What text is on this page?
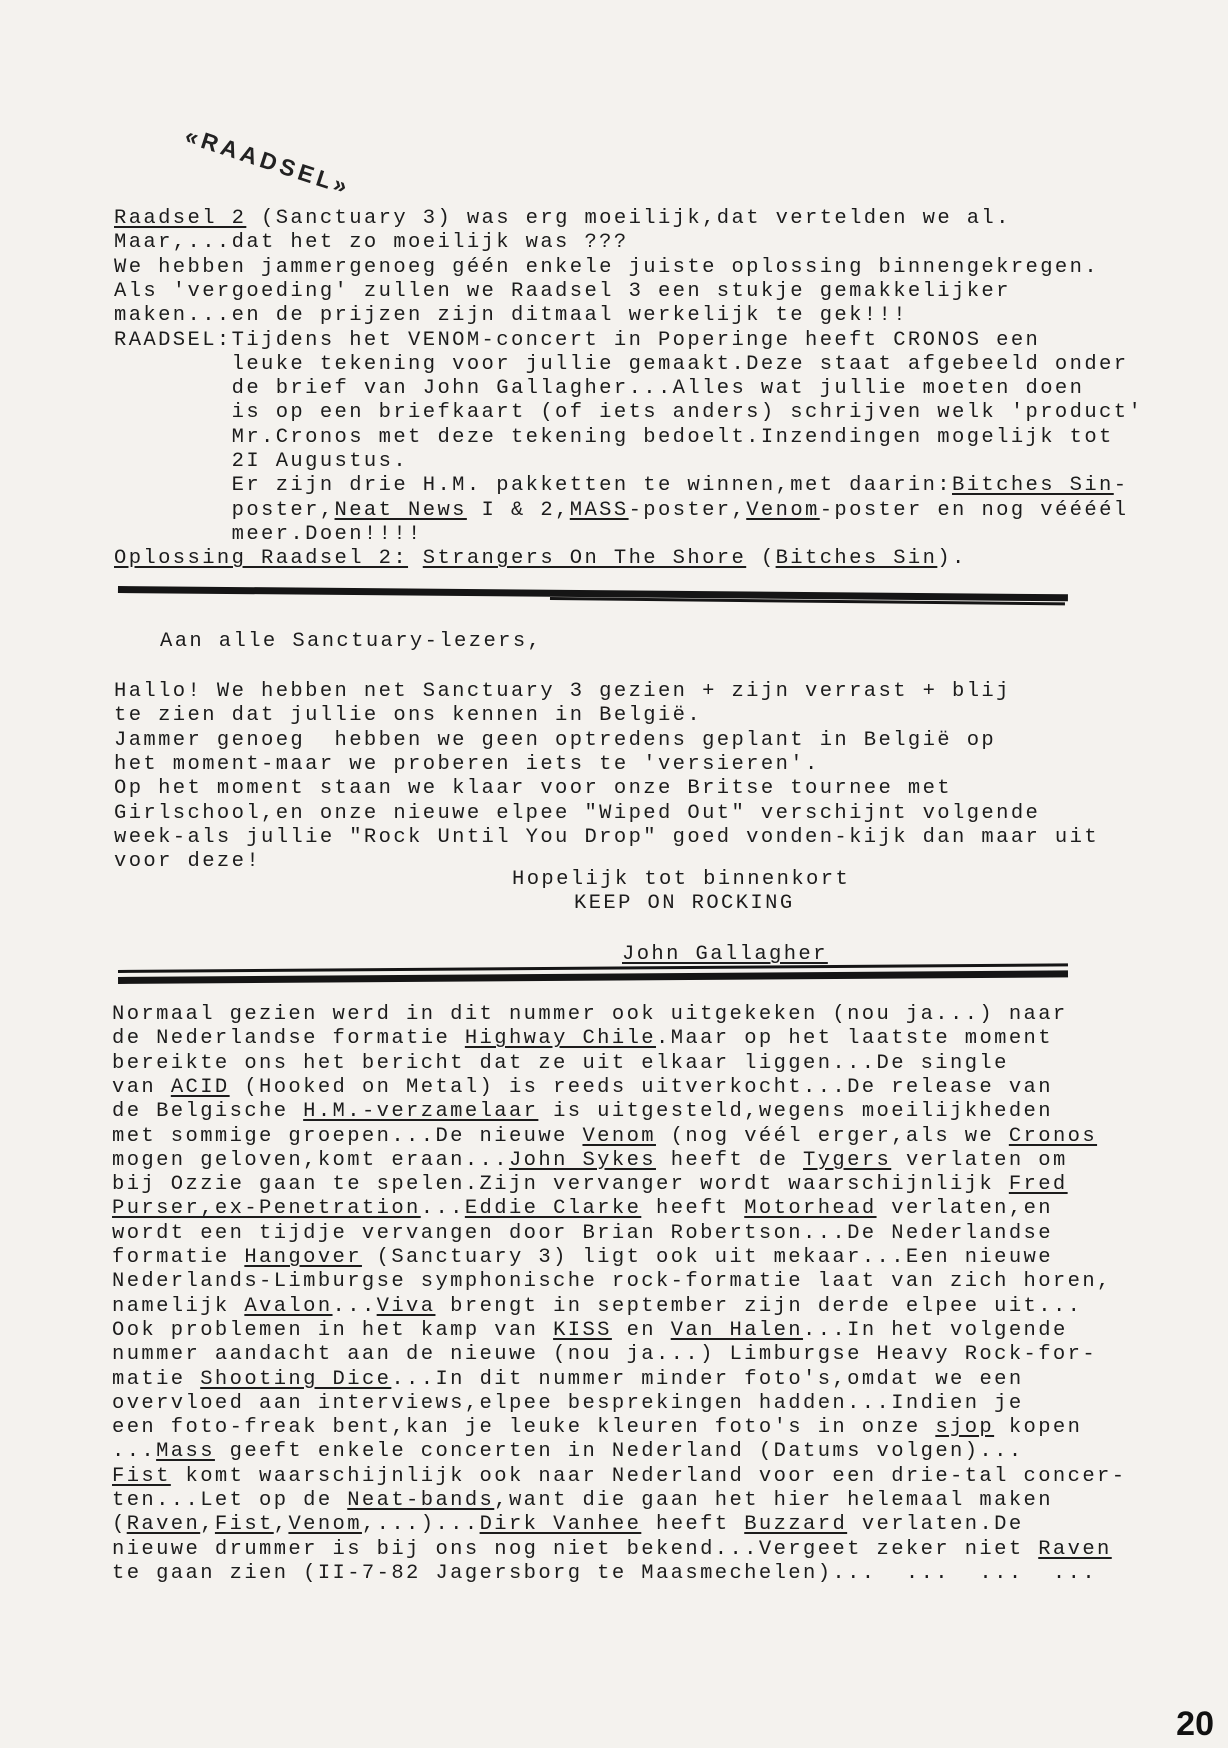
«RAADSEL»
Raadsel 2 (Sanctuary 3) was erg moeilijk,dat vertelden we al.
Maar,...dat het zo moeilijk was ???
We hebben jammergenoeg géén enkele juiste oplossing binnengekregen.
Als 'vergoeding' zullen we Raadsel 3 een stukje gemakkelijker
maken...en de prijzen zijn ditmaal werkelijk te gek!!!
RAADSEL:Tijdens het VENOM-concert in Poperinge heeft CRONOS een
leuke tekening voor jullie gemaakt.Deze staat afgebeeld onder
de brief van John Gallagher...Alles wat jullie moeten doen
is op een briefkaart (of iets anders) schrijven welk 'product'
Mr.Cronos met deze tekening bedoelt.Inzendingen mogelijk tot
2I Augustus.
Er zijn drie H.M. pakketten te winnen,met daarin:Bitches Sin-
poster,Neat News I & 2,MASS-poster,Venom-poster en nog véééél
meer.Doen!!!!
Oplossing Raadsel 2: Strangers On The Shore (Bitches Sin).
Aan alle Sanctuary-lezers,
Hallo! We hebben net Sanctuary 3 gezien + zijn verrast + blij
te zien dat jullie ons kennen in België.
Jammer genoeg  hebben we geen optredens geplant in België op
het moment-maar we proberen iets te 'versieren'.
Op het moment staan we klaar voor onze Britse tournee met
Girlschool,en onze nieuwe elpee "Wiped Out" verschijnt volgende
week-als jullie "Rock Until You Drop" goed vonden-kijk dan maar uit
voor deze!
Hopelijk tot binnenkort
KEEP ON ROCKING
John Gallagher
Normaal gezien werd in dit nummer ook uitgekeken (nou ja...) naar
de Nederlandse formatie Highway Chile.Maar op het laatste moment
bereikte ons het bericht dat ze uit elkaar liggen...De single
van ACID (Hooked on Metal) is reeds uitverkocht...De release van
de Belgische H.M.-verzamelaar is uitgesteld,wegens moeilijkheden
met sommige groepen...De nieuwe Venom (nog véél erger,als we Cronos
mogen geloven,komt eraan...John Sykes heeft de Tygers verlaten om
bij Ozzie gaan te spelen.Zijn vervanger wordt waarschijnlijk Fred
Purser,ex-Penetration...Eddie Clarke heeft Motorhead verlaten,en
wordt een tijdje vervangen door Brian Robertson...De Nederlandse
formatie Hangover (Sanctuary 3) ligt ook uit mekaar...Een nieuwe
Nederlands-Limburgse symphonische rock-formatie laat van zich horen,
namelijk Avalon...Viva brengt in september zijn derde elpee uit...
Ook problemen in het kamp van KISS en Van Halen...In het volgende
nummer aandacht aan de nieuwe (nou ja...) Limburgse Heavy Rock-for-
matie Shooting Dice...In dit nummer minder foto's,omdat we een
overvloed aan interviews,elpee besprekingen hadden...Indien je
een foto-freak bent,kan je leuke kleuren foto's in onze sjop kopen
...Mass geeft enkele concerten in Nederland (Datums volgen)...
Fist komt waarschijnlijk ook naar Nederland voor een drie-tal concer-
ten...Let op de Neat-bands,want die gaan het hier helemaal maken
(Raven,Fist,Venom,...)...Dirk Vanhee heeft Buzzard verlaten.De
nieuwe drummer is bij ons nog niet bekend...Vergeet zeker niet Raven
te gaan zien (II-7-82 Jagersborg te Maasmechelen)...  ...  ...  ...
20
